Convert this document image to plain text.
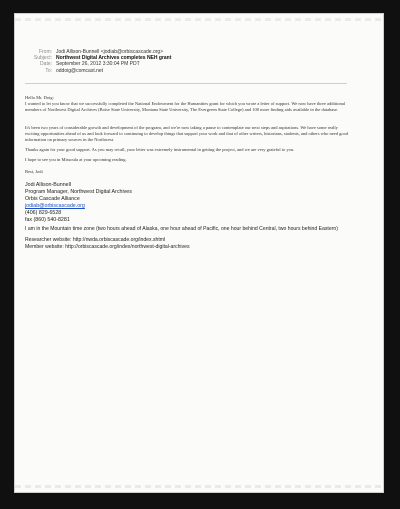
From: Jodi Allison-Bunnell <jodiab@orbiscascade.org>
Subject: Northwest Digital Archives completes NEH grant
Date: September 26, 2012 3:30:04 PM PDT
To: oddoig@comcast.net

Hello Mr. Doig:

I wanted to let you know that we successfully completed the National Endowment for the Humanities grant for which you wrote a letter of support. We now have three additional members of Northwest Digital Archives (Boise State University, Montana State University, The Evergreen State College) and 100 more finding aids available in the database.

It's been two years of considerable growth and development of the program, and we're now taking a pause to contemplate our next steps and aspirations. We have some really exciting opportunities ahead of us and look forward to continuing to develop things that support your work and that of other writers, historians, students, and others who need good information on primary sources in the Northwest.

Thanks again for your good support. As you may recall, your letter was extremely instrumental in getting the project, and we are very grateful to you.

I hope to see you in Missoula at your upcoming reading.

Best, Jodi

Jodi Allison-Bunnell

Program Manager, Northwest Digital Archives

Orbis Cascade Alliance

jodiab@orbiscascade.org

(406) 829-6528

fax (860) 540-8281

I am in the Mountain time zone (two hours ahead of Alaska, one hour ahead of Pacific, one hour behind Central, two hours behind Eastern)

Researcher website: http://nwda.orbiscascade.org/index.shtml

Member website: http://orbiscascade.org/index/northwest-digital-archives
